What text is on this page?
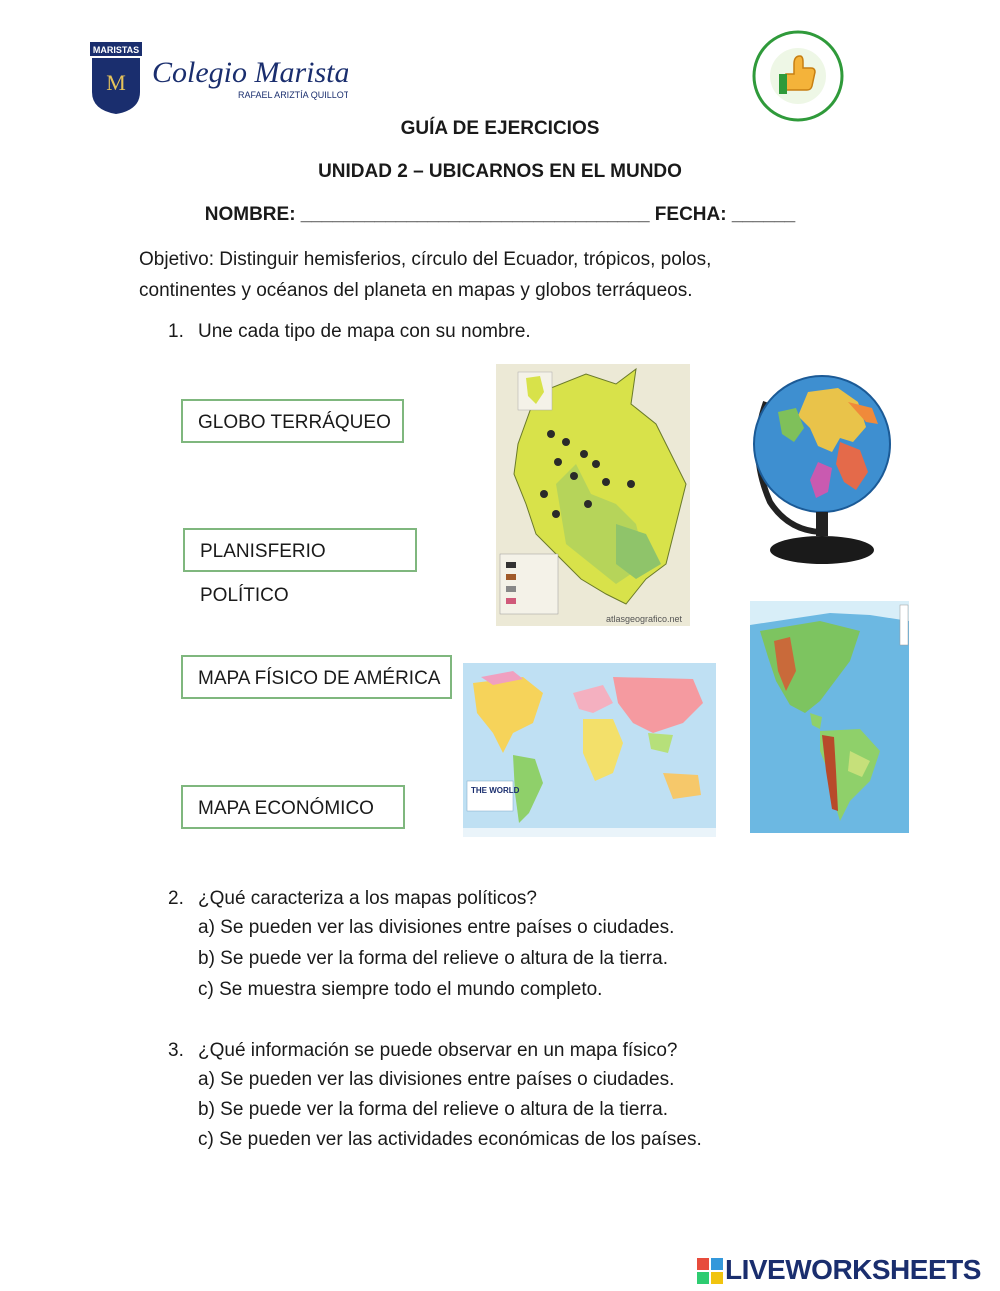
MARISTAS
M Colegio Marista
RAFAEL ARIZTÍA QUILLOTA
GUÍA DE EJERCICIOS
UNIDAD 2 – UBICARNOS EN EL MUNDO
NOMBRE: _________________________________ FECHA: ______
Objetivo: Distinguir hemisferios, círculo del Ecuador, trópicos, polos,
continentes y océanos del planeta en mapas y globos terráqueos.
1. Une cada tipo de mapa con su nombre.
GLOBO TERRÁQUEO
PLANISFERIO POLÍTICO
MAPA FÍSICO DE AMÉRICA
MAPA ECONÓMICO
atlasgeografico.net
THE WORLD
2. ¿Qué caracteriza a los mapas políticos?
a) Se pueden ver las divisiones entre países o ciudades.
b) Se puede ver la forma del relieve o altura de la tierra.
c) Se muestra siempre todo el mundo completo.
3. ¿Qué información se puede observar en un mapa físico?
a) Se pueden ver las divisiones entre países o ciudades.
b) Se puede ver la forma del relieve o altura de la tierra.
c) Se pueden ver las actividades económicas de los países.
LIVEWORKSHEETS
